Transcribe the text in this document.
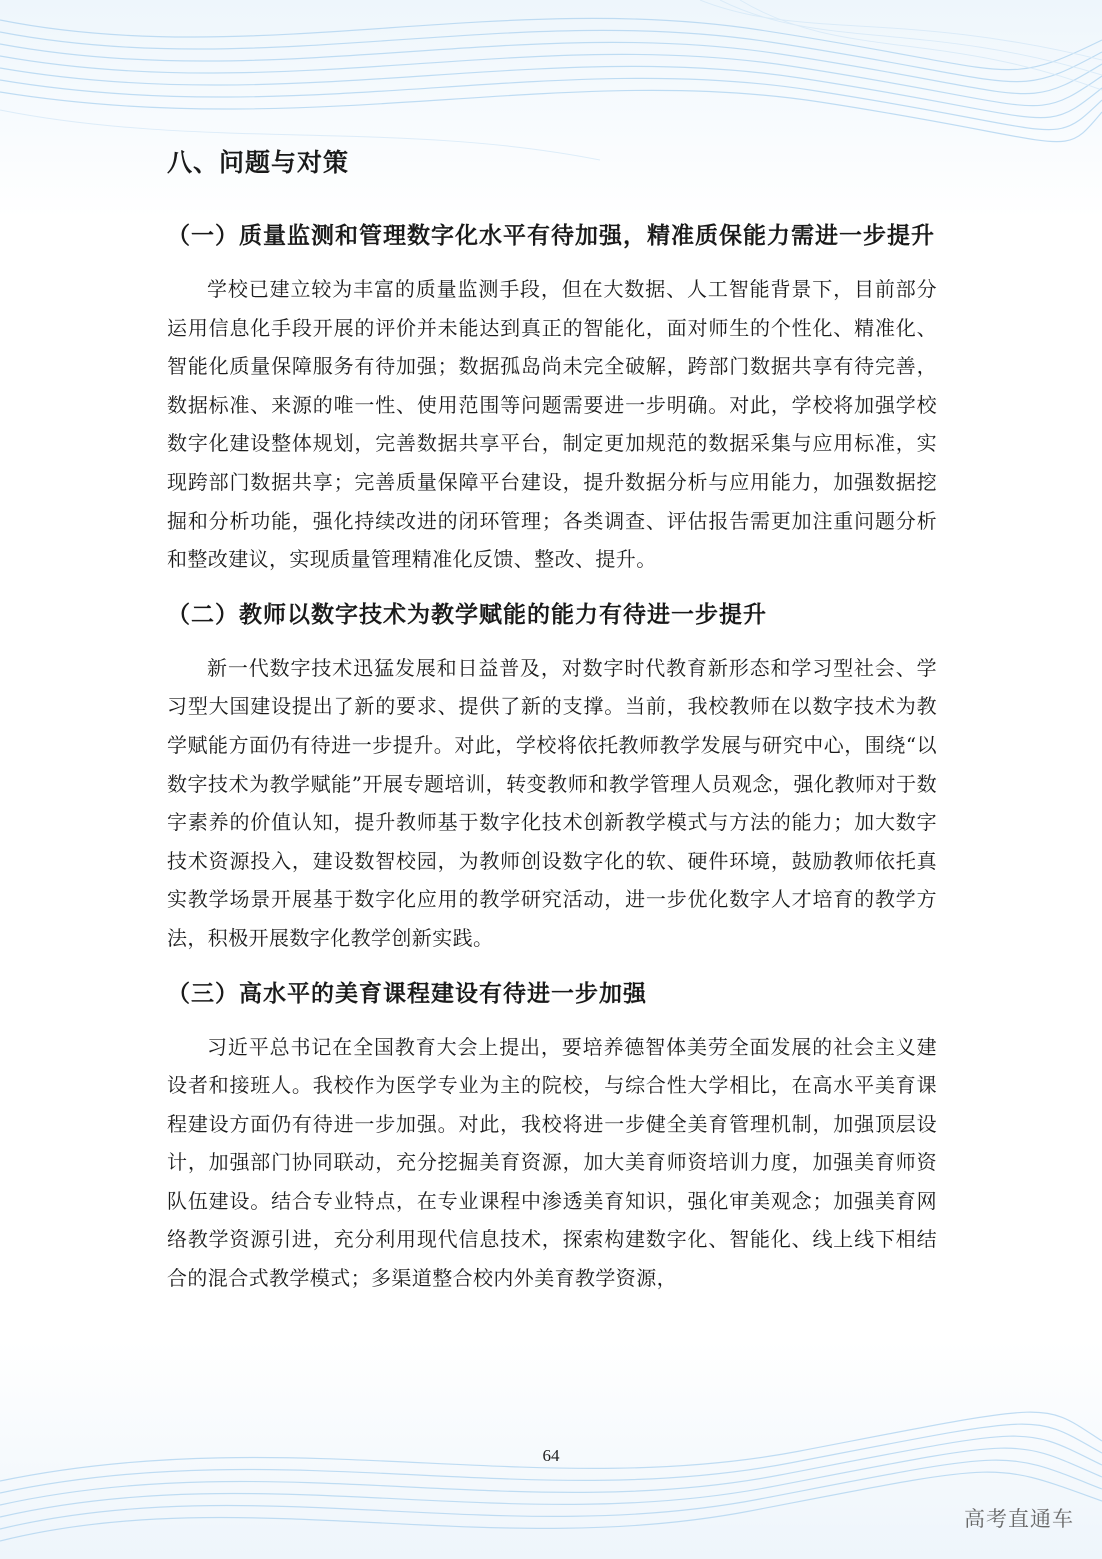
八、问题与对策
（一）质量监测和管理数字化水平有待加强，精准质保能力需进一步提升
学校已建立较为丰富的质量监测手段，但在大数据、人工智能背景下，目前部分运用信息化手段开展的评价并未能达到真正的智能化，面对师生的个性化、精准化、智能化质量保障服务有待加强；数据孤岛尚未完全破解，跨部门数据共享有待完善，数据标准、来源的唯一性、使用范围等问题需要进一步明确。对此，学校将加强学校数字化建设整体规划，完善数据共享平台，制定更加规范的数据采集与应用标准，实现跨部门数据共享；完善质量保障平台建设，提升数据分析与应用能力，加强数据挖掘和分析功能，强化持续改进的闭环管理；各类调查、评估报告需更加注重问题分析和整改建议，实现质量管理精准化反馈、整改、提升。
（二）教师以数字技术为教学赋能的能力有待进一步提升
新一代数字技术迅猛发展和日益普及，对数字时代教育新形态和学习型社会、学习型大国建设提出了新的要求、提供了新的支撑。当前，我校教师在以数字技术为教学赋能方面仍有待进一步提升。对此，学校将依托教师教学发展与研究中心，围绕“以数字技术为教学赋能”开展专题培训，转变教师和教学管理人员观念，强化教师对于数字素养的价值认知，提升教师基于数字化技术创新教学模式与方法的能力；加大数字技术资源投入，建设数智校园，为教师创设数字化的软、硬件环境，鼓励教师依托真实教学场景开展基于数字化应用的教学研究活动，进一步优化数字人才培育的教学方法，积极开展数字化教学创新实践。
（三）高水平的美育课程建设有待进一步加强
习近平总书记在全国教育大会上提出，要培养德智体美劳全面发展的社会主义建设者和接班人。我校作为医学专业为主的院校，与综合性大学相比，在高水平美育课程建设方面仍有待进一步加强。对此，我校将进一步健全美育管理机制，加强顶层设计，加强部门协同联动，充分挖掘美育资源，加大美育师资培训力度，加强美育师资队伍建设。结合专业特点，在专业课程中渗透美育知识，强化审美观念；加强美育网络教学资源引进，充分利用现代信息技术，探索构建数字化、智能化、线上线下相结合的混合式教学模式；多渠道整合校内外美育教学资源，
64
高考直通车
